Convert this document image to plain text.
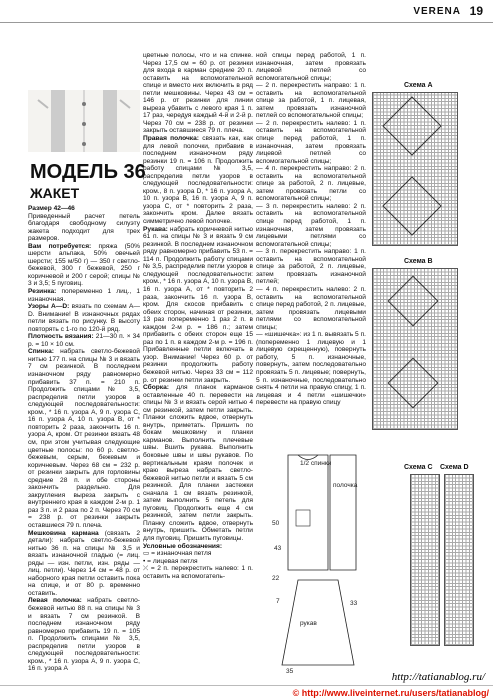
VERENA 19
МОДЕЛЬ 36
ЖАКЕТ

Размер 42—46

Приведенный расчет петель благодаря свободному силуэту жакета подходит для трех размеров.

Вам потребуется: пряжа (50% шерсти альпака, 50% овечьей шерсти; 155 м/50 г) — 350 г светло-бежевой, 300 г бежевой, 250 г коричневой и 200 г серой; спицы № 3 и 3,5; 5 пуговиц.

Резинка: попеременно 1 лиц., 1 изнаночная.

Узоры А—D: вязать по схемам А—D. Внимание! В изнаночных рядах петли вязать по рисунку. В высоту повторять с 1-го по 120-й ряд.

Плотность вязания: 21—30 п. × 34 р. = 10 × 10 см.

Спинка: набрать светло-бежевой нитью 177 п. на спицы № 3 и вязать 7 см резинкой. В последнем изнаночном ряду равномерно прибавить 37 п. = 210 п. Продолжить спицами № 3,5, распределив петли узоров в следующей последовательности: кром., * 16 п. узора А, 9 п. узора С, 16 п. узора А, 10 п. узора В, от * повторить 2 раза, закончить 16 п. узора А, кром. От резинки вязать 48 см, при этом учитывая следующие цветные полосы: по 60 р. светло-бежевым, серым, бежевым и коричневым. Через 68 см = 232 р. от резинки закрыть для горловины средние 28 п. и обе стороны закончить раздельно. Для закругления выреза закрыть с внутреннего края в каждом 2-м р. 1 раз 3 п. и 2 раза по 2 п. Через 70 см = 238 р. от резинки закрыть оставшиеся 79 п. плеча.

Мешковина кармана (связать 2 детали): набрать светло-бежевой нитью 36 п. на спицы № 3,5 и вязать изнаночной гладью (= лиц. ряды — изн. петли, изн. ряды — лиц. петли). Через 14 см = 48 р. от наборного края петли оставить пока на спице, и от 80 р. временно оставить.

Левая полочка: набрать светло-бежевой нитью 88 п. на спицы № 3 и вязать 7 см резинкой. В последнем изнаночном ряду равномерно прибавить 19 п. = 105 п. Продолжить спицами № 3,5, распределив петли узоров в следующей последовательности: кром., * 16 п. узора А, 9 п. узора С, 16 п. узора А

цветные полосы, что и на спинке. Через 17,5 см = 60 р. от резинки для входа в карман средние 20 п. оставить на вспомогательной спице и вместо них включить в ряд петли мешковины. Через 43 см = 146 р. от резинки для линии выреза убавить с левого края 1 п. 17 раз, чередуя каждый 4-й и 2-й р. Через 70 см = 238 р. от резинки закрыть оставшиеся 79 п. плеча.

Правая полочка: связать как, как для левой полочки, прибавив в последнем изнаночном ряду резинки 19 п. = 106 п. Продолжить работу спицами № 3,5, распределив петли узоров в следующей последовательности: кром., 8 п. узора D, * 16 п. узора А, 10 п. узора В, 16 п. узора А, 9 п. узора С, от * повторить 2 раза, закончить кром. Далее вязать симметрично левой полочке.

Рукава: набрать коричневой нитью 61 п. на спицы № 3 и вязать 9 см резинкой. В последнем изнаночном ряду равномерно прибавить 53 п. = 114 п. Продолжить работу спицами № 3,5, распределив петли узоров в следующей последовательности: кром., * 16 п. узора А, 10 п. узора В, 16 п. узора А, от * повторить 2 раза, закончить 16 п. узора В, кром. Для скосов прибавить с обеих сторон, начиная от резинки, 13 раз попеременно 1 раз 2 п. в каждом 2-м р. = 186 п.; затем прибавить с обеих сторон еще 15 раз по 1 п. в каждом 2-м р. = 196 п. Прибавленные петли включать в узор. Внимание! Через 60 р. от резинки продолжить работу бежевой нитью. Через 33 см = 112 р. от резинки петли закрыть.

Сборка: для планок карманов оставленные 40 п. перевести на спицы № 3 и вязать серой нитью 4 см резинкой, затем петли закрыть. Планки сложить вдвое, отвернуть внутрь, приметать. Пришить по бокам мешковину и планки карманов. Выполнить плечевые швы. Вшить рукава. Выполнить боковые швы и швы рукавов. По вертикальным краям полочек и краю выреза набрать светло-бежевой нитью петли и вязать 5 см резинкой. Для планки застежки сначала 1 см вязать резинкой, затем выполнить 5 петель для пуговиц. Продолжить еще 4 см резинкой, затем петли закрыть. Планку сложить вдвое, отвернуть внутрь, пришить. Обметать петли для пуговиц. Пришить пуговицы.

Условные обозначения:

▭ = изнаночная петля

• = лицевая петля

⤫ = 2 п. перекрестить налево: 1 п. оставить на вспомогатель-

ной спицы перед работой, 1 п. изнаночная, затем провязать лицевой петлей со вспомогательной спицы;

— 2 п. перекрестить направо: 1 п. оставить на вспомогательной спице за работой, 1 п. лицевая, затем провязать изнаночной петлей со вспомогательной спицы;

— 2 п. перекрестить налево: 1 п. оставить на вспомогательной спице перед работой, 1 п. изнаночная, затем провязать лицевой петлей со вспомогательной спицы;

— 4 п. перекрестить направо: 2 п. оставить на вспомогательной спице за работой, 2 п. лицевые, затем провязать петли со вспомогательной спицы;

— 3 п. перекрестить налево: 2 п. оставить на вспомогательной спице перед работой, 1 п. изнаночная, затем провязать лицевыми петлями со вспомогательной спицы;

— 3 п. перекрестить направо: 1 п. оставить на вспомогательной спице за работой, 2 п. лицевые, затем провязать изнаночной петлей;

— 4 п. перекрестить налево: 2 п. оставить на вспомогательной спице перед работой, 2 п. лицевые, затем провязать лицевыми петлями со вспомогательной спицы;

— «шишечка»: из 1 п. вывязать 5 п. (попеременно 1 лицевую и 1 лицевую скрещенную), повернуть работу, 5 п. изнаночные, повернуть, затем последовательно провязать 5 п. лицевые; повернуть, 5 п. изнаночные, последовательно снять 4 петли на правую спицу, 1 п. лицевая и 4 петли «шишечки» перевести на правую спицу

Схема A
Схема B
Схема C Схема D
1/2 спинки
полочка
рукав
50
43
22
7
35
33
http://tatianablog.ru/
© http://www.liveinternet.ru/users/tatianablog/
